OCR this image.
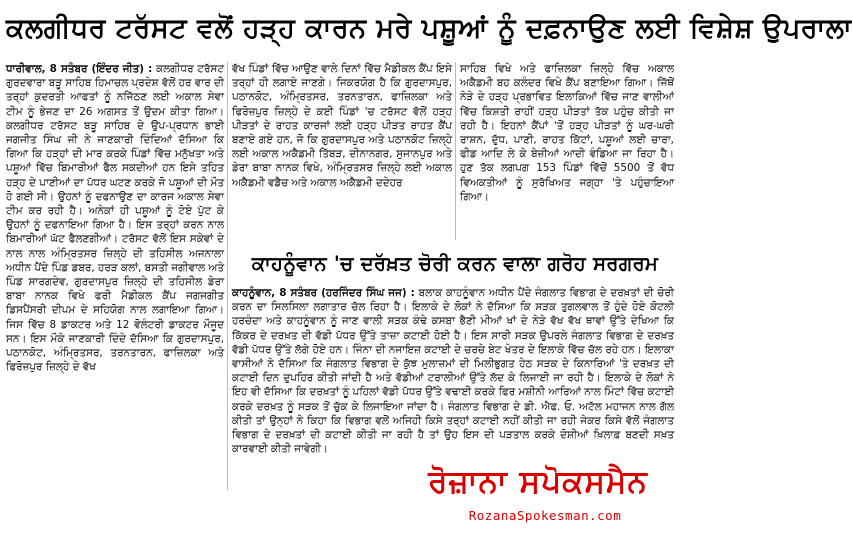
ਕਲਗੀਧਰ ਟਰੱਸਟ ਵਲੋਂ ਹੜ੍ਹ ਕਾਰਨ ਮਰੇ ਪਸ਼ੂਆਂ ਨੂੰ ਦਫ਼ਨਾਉਣ ਲਈ ਵਿਸ਼ੇਸ਼ ਉਪਰਾਲਾ

ਧਾਰੀਵਾਲ, 8 ਸਤੰਬਰ (ਇੰਦਰ ਜੀਤ) : ਕਲਗੀਧਰ ਟਰੱਸਟ ਗੁਰਦਵਾਰਾ ਬੜੂ ਸਾਹਿਬ ਹਿਮਾਚਲ ਪ੍ਰਦੇਸ਼ ਵੱਲੋਂ ਹਰ ਵਾਰ ਦੀ ਤਰ੍ਹਾਂ ਕੁਦਰਤੀ ਆਫਤਾਂ ਨੂੰ ਨਜਿੱਠਣ ਲਈ ਅਕਾਲ ਸੇਵਾ ਟੀਮ ਨੂੰ ਭੇਜਣ ਦਾ 26 ਅਗਸਤ ਤੋਂ ਉਦਮ ਕੀਤਾ ਗਿਆ। ਕਲਗੀਧਰ ਟਰੱਸਟ ਬੜੂ ਸਾਹਿਬ ਦੇ ਉਪ-ਪ੍ਰਧਾਨ ਭਾਈ ਜਗਜੀਤ ਸਿੰਘ ਜੀ ਨੇ ਜਾਣਕਾਰੀ ਦਿੰਦਿਆਂ ਦੱਸਿਆ ਕਿ ਗਿਆ ਕਿ ਹੜ੍ਹਾਂ ਦੀ ਮਾਰ ਕਰਕੇ ਪਿੰਡਾਂ ਵਿੱਚ ਮਨੁੱਖਤਾ ਅਤੇ ਪਸ਼ੂਆਂ ਵਿੱਚ ਬਿਮਾਰੀਆਂ ਫੈਲ ਸਕਦੀਆਂ ਹਨ ਇਸੇ ਤਹਿਤ ਹੜ੍ਹ ਦੇ ਪਾਣੀਆਂ ਦਾ ਪੱਧਰ ਘਟਣ ਕਰਕੇ ਜੋ ਪਸ਼ੂਆਂ ਦੀ ਮੌਤ ਹੋ ਗਈ ਸੀ। ਉਹਨਾਂ ਨੂੰ ਦਫਨਾਉਣ ਦਾ ਕਾਰਜ ਅਕਾਲ ਸੇਵਾ ਟੀਮ ਕਰ ਰਹੀ ਹੈ। ਅਨੇਕਾਂ ਹੀ ਪਸ਼ੂਆਂ ਨੂੰ ਟੋਏ ਪੁੱਟ ਕੇ ਉਹਨਾਂ ਨੂੰ ਦਫਨਾਇਆ ਗਿਆ ਹੈ। ਇਸ ਤਰ੍ਹਾਂ ਕਰਨ ਨਾਲ ਬਿਮਾਰੀਆਂ ਘੱਟ ਫੈਲਣਗੀਆਂ। ਟਰੱਸਟ ਵੱਲੋਂ ਇਸ ਸਕੇਵਾਂ ਦੇ ਨਾਲ ਨਾਲ ਅੰਮ੍ਰਿਤਸਰ ਜ਼ਿਲ੍ਹੇ ਦੀ ਤਹਿਸੀਲ ਅਜਨਾਲਾ ਅਧੀਨ ਪੈਂਦੇ ਪਿੰਡ ਡਬਰ, ਹਰੜ ਕਲਾਂ, ਬਸਤੀ ਜਗੀਵਾਲ ਅਤੇ ਪਿੰਡ ਸਾਰਗਦੇਵ, ਗੁਰਦਾਸਪੁਰ ਜ਼ਿਲ੍ਹੇ ਦੀ ਤਹਿਸੀਲ ਡੇਰਾ ਬਾਬਾ ਨਾਨਕ ਵਿਖੇ ਫਰੀ ਮੈਡੀਕਲ ਕੈਂਪ ਜਗਜਗੀਤ ਡਿਸਪੈਂਸਰੀ ਦੀਪਮ ਦੇ ਸਹਿਯੋਗ ਨਾਲ ਲਗਾਇਆ ਗਿਆ। ਜਿਸ ਵਿੱਚ 8 ਡਾਕਟਰ ਅਤੇ 12 ਵੋਲੰਟਰੀ ਡਾਕਟਰ ਮੌਜੂਦ ਸਨ। ਇਸ ਮੌਕੇ ਜਾਣਕਾਰੀ ਦਿੰਦੇ ਦੱਸਿਆ ਕਿ ਗੁਰਦਾਸਪੁਰ, ਪਠਾਨਕੋਟ, ਅੰਮ੍ਰਿਤਸਰ, ਤਰਨਤਾਰਨ, ਫਾਜ਼ਿਲਕਾ ਅਤੇ ਫਿਰੋਜ਼ਪੁਰ ਜ਼ਿਲ੍ਹੇ ਦੇ ਵੱਖ

ਵੱਖ ਪਿੰਡਾਂ ਵਿੱਚ ਆਉਣ ਵਾਲੇ ਦਿਨਾਂ ਵਿੱਚ ਮੈਡੀਕਲ ਕੈਂਪ ਇਸੇ ਤਰ੍ਹਾਂ ਹੀ ਲਗਾਏ ਜਾਣਗੇ। ਜਿਕਰਯੋਗ ਹੈ ਕਿ ਗੁਰਦਾਸਪੁਰ, ਪਠਾਨਕੋਟ, ਅੰਮ੍ਰਿਤਸਰ, ਤਰਨਤਾਰਨ, ਫਾਜ਼ਿਲਕਾ ਅਤੇ ਫਿਰੋਜ਼ਪੁਰ ਜ਼ਿਲ੍ਹੇ ਦੇ ਕਈ ਪਿੰਡਾਂ 'ਚ ਟਰੱਸਟ ਵੱਲੋਂ ਹੜ੍ਹ ਪੀੜਤਾਂ ਦੇ ਰਾਹਤ ਕਾਰਜਾਂ ਲਈ ਹੜ੍ਹ ਪੀੜਤ ਰਾਹਤ ਕੈਂਪ ਬਣਾਏ ਗਏ ਹਨ, ਜੋ ਕਿ ਗੁਰਦਾਸਪੁਰ ਅਤੇ ਪਠਾਨਕੋਟ ਜ਼ਿਲ੍ਹੇ ਲਈ ਅਕਾਲ ਅਕੈਡਮੀ ਤਿੱਬੜ, ਦੀਨਾਨਗਰ, ਸੁਜਾਨਪੁਰ ਅਤੇ ਡੇਰਾ ਬਾਬਾ ਨਾਨਕ ਵਿਖੇ, ਅੰਮ੍ਰਿਤਸਰ ਜ਼ਿਲ੍ਹੇ ਲਈ ਅਕਾਲ ਅਕੈਡਮੀ ਵਡੈਚ ਅਤੇ ਅਕਾਲ ਅਕੈਡਮੀ ਦਦੇਹਰ

ਸਾਹਿਬ ਵਿਖੇ ਅਤੇ ਫਾਜ਼ਿਲਕਾ ਜ਼ਿਲ੍ਹੇ ਵਿੱਚ ਅਕਾਲ ਅਕੈਡਮੀ ਬਹ ਕਲੰਦਰ ਵਿਖੇ ਕੈਂਪ ਬਣਾਇਆ ਗਿਆ। ਜਿੱਥੋਂ ਨੇੜੇ ਦੇ ਹੜ੍ਹ ਪ੍ਰਭਾਵਿਤ ਇਲਾਕਿਆਂ ਵਿੱਚ ਜਾਣ ਵਾਲੀਆਂ ਵਿੱਚ ਕਿਸ਼ਤੀ ਰਾਹੀਂ ਹੜ੍ਹ ਪੀੜਤਾਂ ਤੱਕ ਪਹੁੰਚ ਕੀਤੀ ਜਾ ਰਹੀ ਹੈ। ਇਹਨਾਂ ਕੈਂਪਾਂ 'ਤੋਂ ਹੜ੍ਹ ਪੀੜਤਾਂ ਨੂੰ ਘਰ-ਘਰੀ ਰਾਸ਼ਨ, ਦੁੱਧ, ਪਾਣੀ, ਰਾਹਤ ਕਿੱਟਾਂ, ਪਸ਼ੂਆਂ ਲਈ ਚਾਰਾ, ਫੀਡ ਆਦਿ ਲੇ ਕੇ ਬੇਜ਼ੀਆਂ ਆਦੀ ਵੰਡਿਆ ਜਾ ਰਿਹਾ ਹੈ। ਹੁਣ ਤੱਕ ਲਗਪਗ 153 ਪਿੰਡਾਂ ਵਿੱਚੋਂ 5500 ਤੋਂ ਵੱਧ ਵਿਅਕਤੀਆਂ ਨੂੰ ਸੁਰੱਖਿਅਤ ਜਗ੍ਹਾ 'ਤੇ ਪਹੁੰਚਾਇਆ ਗਿਆ।

ਕਾਹਨੂੰਵਾਨ 'ਚ ਦਰੱਖ਼ਤ ਚੋਰੀ ਕਰਨ ਵਾਲਾ ਗਰੋਹ ਸਰਗਰਮ

ਕਾਹਨੂੰਵਾਨ, 8 ਸਤੰਬਰ (ਹਰਜਿੰਦਰ ਸਿੰਘ ਜਜ) : ਬਲਾਕ ਕਾਹਨੂੰਵਾਨ ਅਧੀਨ ਪੈਂਦੇ ਜੰਗਲਾਤ ਵਿਭਾਗ ਦੇ ਦਰਖ਼ਤਾਂ ਦੀ ਚੋਰੀ ਕਰਨ ਦਾ ਸਿਲਸਿਲਾ ਲਗਾਤਾਰ ਚੱਲ ਰਿਹਾ ਹੈ। ਇਲਾਕੇ ਦੇ ਲੋਕਾਂ ਨੇ ਦੱਸਿਆ ਕਿ ਸੜਕ ਤੁਗਲਵਾਲ ਤੋਂ ਹੁੰਦੇ ਹੋਏ ਕੋਟਲੀ ਹਰਚੰਦਾ ਅਤੇ ਕਾਹਨੂੰਵਾਨ ਨੂੰ ਜਾਣ ਵਾਲੀ ਸੜਕ ਕੰਢੇ ਕਸਬਾ ਭੈਣੀ ਮੀਆਂ ਖਾਂ ਦੇ ਨੇੜੇ ਵੱਖ ਵੱਖ ਥਾਵਾਂ ਉੱਤੇ ਦੇਖਿਆ ਕਿ ਕਿੱਕਰ ਦੇ ਦਰਖ਼ਤ ਦੀ ਵੱਡੀ ਪੱਧਰ ਉੱਤੇ ਤਾਜ਼ਾ ਕਟਾਈ ਹੋਈ ਹੈ। ਇਸ ਸਾਰੀ ਸੜਕ ਉਪਰਲੇ ਜੰਗਲਾਤ ਵਿਭਾਗ ਦੇ ਦਰਖ਼ਤ ਵੱਡੀ ਪੱਧਰ ਉੱਤੇ ਲੱਗੇ ਹੋਏ ਹਨ। ਜਿੰਨਾ ਦੀ ਨਜਾਇਜ਼ ਕਟਾਈ ਦੇ ਚਰਚੇ ਬੇਟ ਖੇਤਰ ਦੇ ਇਲਾਕੇ ਵਿੱਚ ਚੱਲ ਰਹੇ ਹਨ। ਇਲਾਕਾ ਵਾਸੀਆਂ ਨੇ ਦੱਸਿਆ ਕਿ ਜੰਗਲਾਤ ਵਿਭਾਗ ਦੇ ਕੁੱਝ ਮੁਲਾਜ਼ਮਾਂ ਦੀ ਮਿਲੀਭੁਗਤ ਹੇਠ ਸੜਕ ਦੇ ਕਿਨਾਰਿਆਂ 'ਤੇ ਦਰਖ਼ਤ ਦੀ ਕਟਾਈ ਦਿਨ ਦੁਪਹਿਰ ਕੀਤੀ ਜਾਂਦੀ ਹੈ ਅਤੇ ਵੱਡੀਆਂ ਟਰਾਲੀਆਂ ਉੱਤੇ ਲੱਦ ਕੇ ਲਿਜਾਈ ਜਾ ਰਹੀ ਹੈ। ਇਲਾਕੇ ਦੇ ਲੋਕਾਂ ਨੇ ਇਹ ਵੀ ਦੱਸਿਆ ਕਿ ਦਰਖ਼ਤਾਂ ਨੂੰ ਪਹਿਲਾਂ ਵੱਡੀ ਪੱਧਰ ਉੱਤੇ ਵਢਾਈ ਕਰਕੇ ਫਿਰ ਮਸ਼ੀਨੀ ਆਰਿਆਂ ਨਾਲ ਮਿੰਟਾਂ ਵਿੱਚ ਕਟਾਈ ਕਰਕੇ ਦਰਖ਼ਤ ਨੂੰ ਸੜਕ ਤੋਂ ਚੁੱਕ ਕੇ ਲਿਜਾਇਆ ਜਾਂਦਾ ਹੈ। ਜੰਗਲਾਤ ਵਿਭਾਗ ਦੇ ਡੀ. ਐਫ. ਓ. ਅਟੱਲ ਮਹਾਜਨ ਨਾਲ ਗੱਲ ਕੀਤੀ ਤਾਂ ਉਨ੍ਹਾਂ ਨੇ ਕਿਹਾ ਕਿ ਵਿਭਾਗ ਵਲੋਂ ਅਜਿਹੀ ਕਿਸੇ ਤਰ੍ਹਾਂ ਕਟਾਈ ਨਹੀਂ ਕੀਤੀ ਜਾ ਰਹੀ ਜੇਕਰ ਕਿਸੇ ਵੱਲੋਂ ਜੰਗਲਾਤ ਵਿਭਾਗ ਦੇ ਦਰਖ਼ਤਾਂ ਦੀ ਕਟਾਈ ਕੀਤੀ ਜਾ ਰਹੀ ਹੈ ਤਾਂ ਉਹ ਇਸ ਦੀ ਪੜਤਾਲ ਕਰਕੇ ਦੋਸ਼ੀਆਂ ਖ਼ਿਲਾਫ਼ ਬਣਦੀ ਸਖ਼ਤ ਕਾਰਵਾਈ ਕੀਤੀ ਜਾਵੇਗੀ।

ਰੋਜ਼ਾਨਾ ਸਪੋਕਸਮੈਨ
RozanaSpokesman.com
